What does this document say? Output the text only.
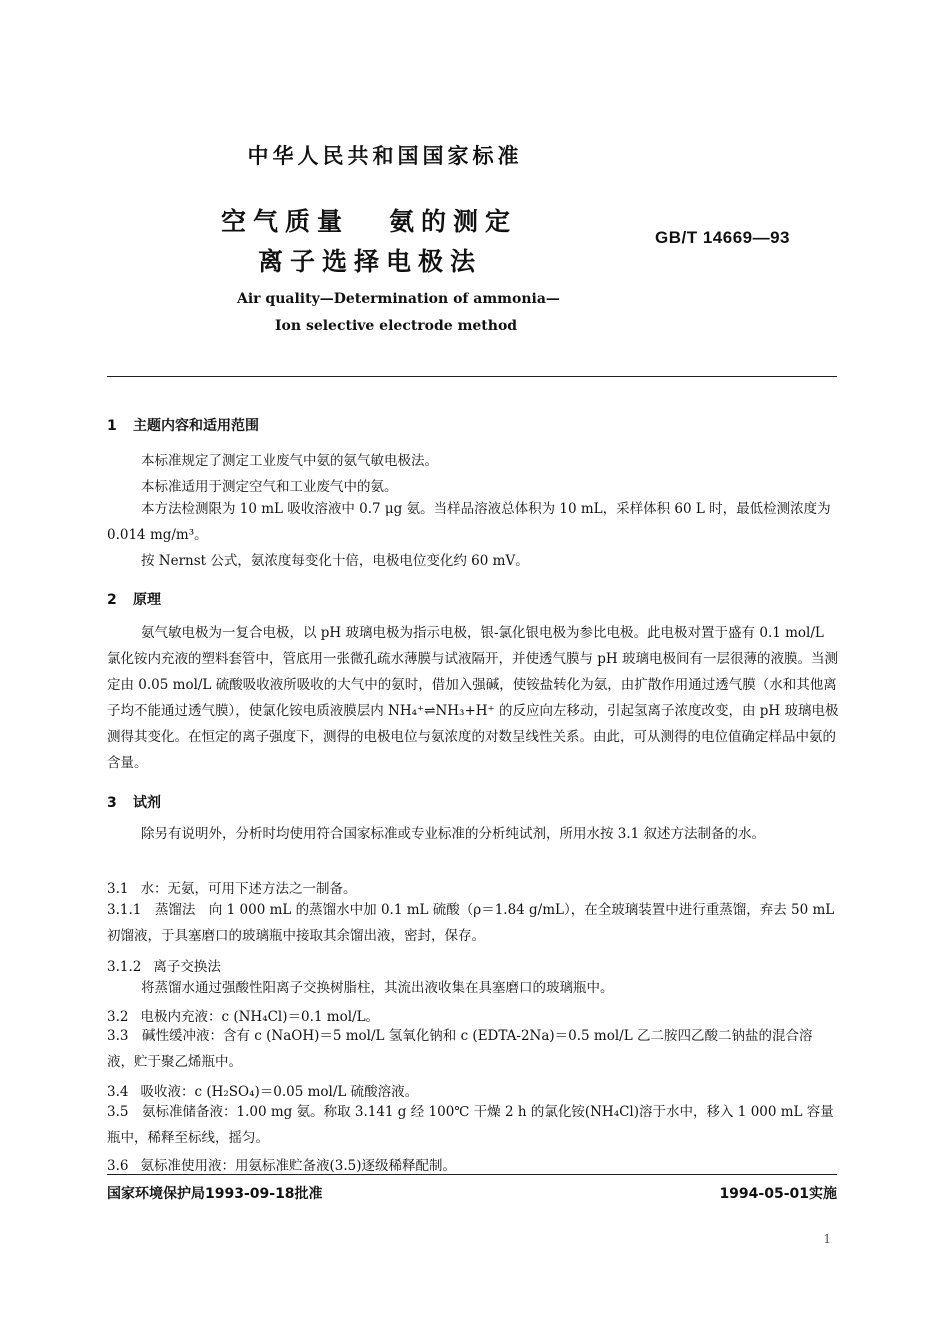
中华人民共和国国家标准
空气质量 氨的测定
离子选择电极法
GB/T 14669—93
Air quality—Determination of ammonia—
Ion selective electrode method
1 主题内容和适用范围
本标准规定了测定工业废气中氨的氨气敏电极法。
本标准适用于测定空气和工业废气中的氨。
本方法检测限为 10 mL 吸收溶液中 0.7 μg 氨。当样品溶液总体积为 10 mL，采样体积 60 L 时，最低检测浓度为 0.014 mg/m³。
按 Nernst 公式，氨浓度每变化十倍，电极电位变化约 60 mV。
2 原理
氨气敏电极为一复合电极，以 pH 玻璃电极为指示电极，银-氯化银电极为参比电极。此电极对置于盛有 0.1 mol/L 氯化铵内充液的塑料套管中，管底用一张微孔疏水薄膜与试液隔开，并使透气膜与 pH 玻璃电极间有一层很薄的液膜。当测定由 0.05 mol/L 硫酸吸收液所吸收的大气中的氨时，借加入强碱，使铵盐转化为氨，由扩散作用通过透气膜（水和其他离子均不能通过透气膜），使氯化铵电质液膜层内 NH₄⁺⇌NH₃+H⁺ 的反应向左移动，引起氢离子浓度改变，由 pH 玻璃电极测得其变化。在恒定的离子强度下，测得的电极电位与氨浓度的对数呈线性关系。由此，可从测得的电位值确定样品中氨的含量。
3 试剂
除另有说明外，分析时均使用符合国家标准或专业标准的分析纯试剂，所用水按 3.1 叙述方法制备的水。
3.1 水：无氨，可用下述方法之一制备。
3.1.1　 蒸馏法　向 1 000 mL 的蒸馏水中加 0.1 mL 硫酸（ρ＝1.84 g/mL），在全玻璃装置中进行重蒸馏，弃去 50 mL 初馏液，于具塞磨口的玻璃瓶中接取其余馏出液，密封，保存。
3.1.2 离子交换法
将蒸馏水通过强酸性阳离子交换树脂柱，其流出液收集在具塞磨口的玻璃瓶中。
3.2 电极内充液：c (NH₄Cl)＝0.1 mol/L。
3.3　 碱性缓冲液：含有 c (NaOH)＝5 mol/L 氢氧化钠和 c (EDTA-2Na)＝0.5 mol/L 乙二胺四乙酸二钠盐的混合溶液，贮于聚乙烯瓶中。
3.4 吸收液：c (H₂SO₄)＝0.05 mol/L 硫酸溶液。
3.5　 氨标准储备液：1.00 mg 氨。称取 3.141 g 经 100℃ 干燥 2 h 的氯化铵(NH₄Cl)溶于水中，移入 1 000 mL 容量瓶中，稀释至标线，摇匀。
3.6 氨标准使用液：用氨标准贮备液(3.5)逐级稀释配制。
国家环境保护局1993-09-18批准	1994-05-01实施
1
